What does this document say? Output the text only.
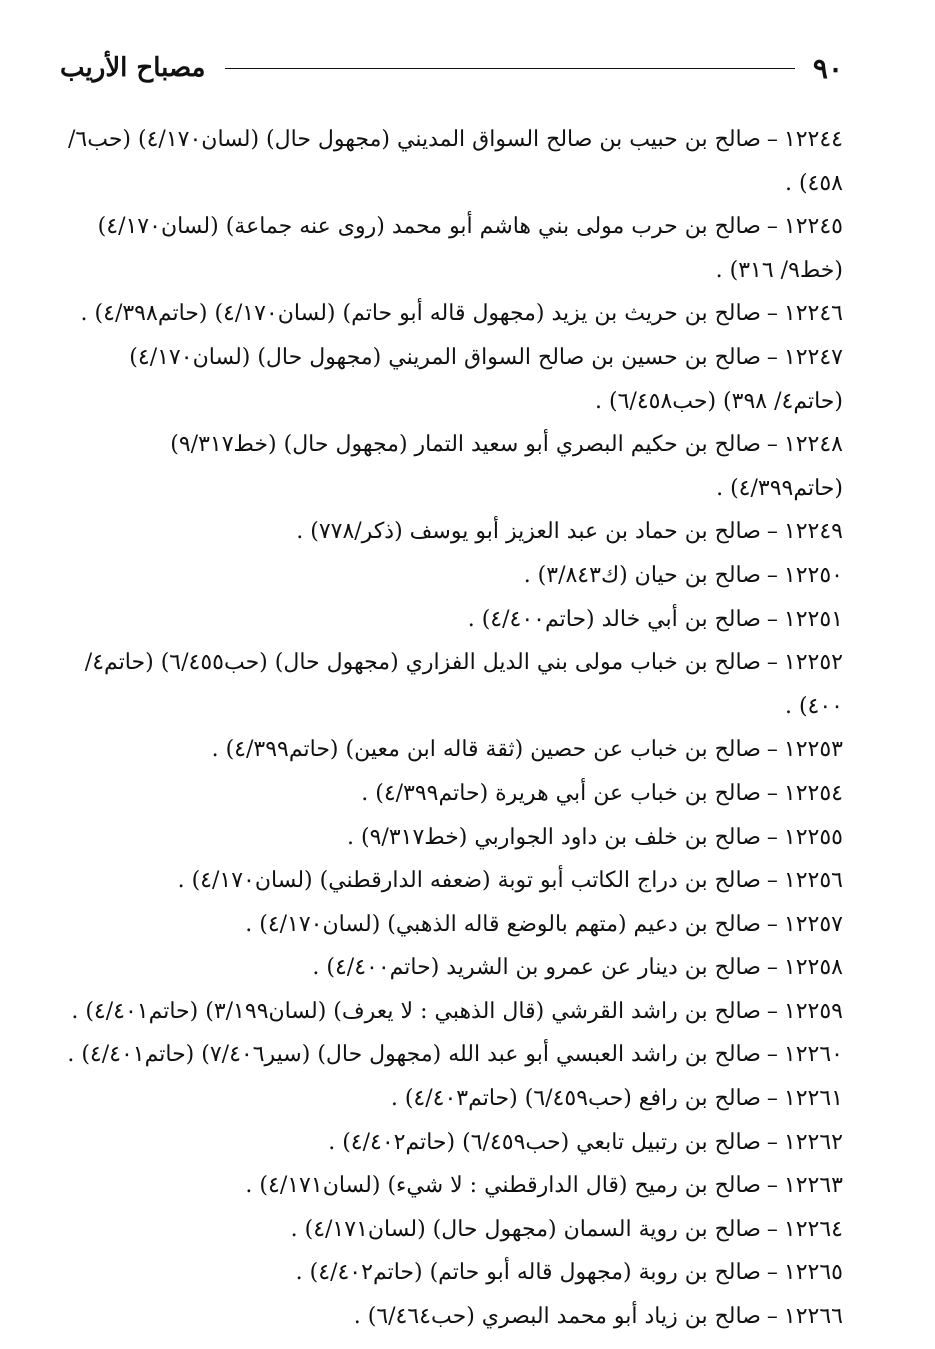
٩٠
مصباح الأريب
١٢٢٤٤–صالح بن حبيب بن صالح السواق المديني (مجهول حال) (لسان٤/١٧٠) (حب٦/ ٤٥٨) .
١٢٢٤٥–صالح بن حرب مولى بني هاشم أبو محمد (روى عنه جماعة) (لسان٤/١٧٠) (خط٩/ ٣١٦) .
١٢٢٤٦–صالح بن حريث بن يزيد (مجهول قاله أبو حاتم) (لسان٤/١٧٠) (حاتم٤/٣٩٨) .
١٢٢٤٧–صالح بن حسين بن صالح السواق المريني (مجهول حال) (لسان٤/١٧٠) (حاتم٤/ ٣٩٨) (حب٦/٤٥٨) .
١٢٢٤٨–صالح بن حكيم البصري أبو سعيد التمار (مجهول حال) (خط٩/٣١٧) (حاتم٤/٣٩٩) .
١٢٢٤٩–صالح بن حماد بن عبد العزيز أبو يوسف (ذكر/٧٧٨) .
١٢٢٥٠–صالح بن حيان (ك٣/٨٤٣) .
١٢٢٥١–صالح بن أبي خالد (حاتم٤/٤٠٠) .
١٢٢٥٢–صالح بن خباب مولى بني الديل الفزاري (مجهول حال) (حب٦/٤٥٥) (حاتم٤/ ٤٠٠) .
١٢٢٥٣–صالح بن خباب عن حصين (ثقة قاله ابن معين) (حاتم٤/٣٩٩) .
١٢٢٥٤–صالح بن خباب عن أبي هريرة (حاتم٤/٣٩٩) .
١٢٢٥٥–صالح بن خلف بن داود الجواربي (خط٩/٣١٧) .
١٢٢٥٦–صالح بن دراج الكاتب أبو توبة (ضعفه الدارقطني) (لسان٤/١٧٠) .
١٢٢٥٧–صالح بن دعيم (متهم بالوضع قاله الذهبي) (لسان٤/١٧٠) .
١٢٢٥٨–صالح بن دينار عن عمرو بن الشريد (حاتم٤/٤٠٠) .
١٢٢٥٩–صالح بن راشد القرشي (قال الذهبي : لا يعرف) (لسان٣/١٩٩) (حاتم٤/٤٠١) .
١٢٢٦٠–صالح بن راشد العبسي أبو عبد الله (مجهول حال) (سير٧/٤٠٦) (حاتم٤/٤٠١) .
١٢٢٦١–صالح بن رافع (حب٦/٤٥٩) (حاتم٤/٤٠٣) .
١٢٢٦٢–صالح بن رتبيل تابعي (حب٦/٤٥٩) (حاتم٤/٤٠٢) .
١٢٢٦٣–صالح بن رميح (قال الدارقطني : لا شيء) (لسان٤/١٧١) .
١٢٢٦٤–صالح بن روية السمان (مجهول حال) (لسان٤/١٧١) .
١٢٢٦٥–صالح بن روبة (مجهول قاله أبو حاتم) (حاتم٤/٤٠٢) .
١٢٢٦٦–صالح بن زياد أبو محمد البصري (حب٦/٤٦٤) .
